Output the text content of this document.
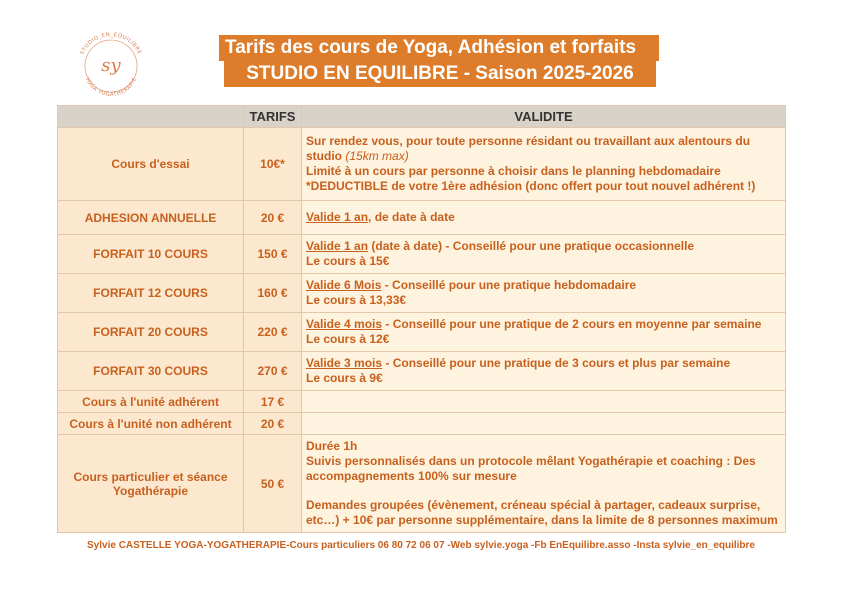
sy
STUDIO_EN_EQUILIBRE
YOGA YOGATHERAPIE
Tarifs des cours de Yoga, Adhésion et forfaits
STUDIO EN EQUILIBRE - Saison 2025-2026
	TARIFS	VALIDITE
Cours d'essai	10€*	Sur rendez vous, pour toute personne résidant ou travaillant aux alentours du studio (15km max)
Limité à un cours par personne à choisir dans le planning hebdomadaire
*DEDUCTIBLE de votre 1ère adhésion (donc offert pour tout nouvel adhérent !)
ADHESION ANNUELLE	20 €	Valide 1 an, de date à date
FORFAIT 10 COURS	150 €	Valide 1 an (date à date) - Conseillé pour une pratique occasionnelle
Le cours à 15€
FORFAIT 12 COURS	160 €	Valide 6 Mois - Conseillé pour une pratique hebdomadaire
Le cours à 13,33€
FORFAIT 20 COURS	220 €	Valide 4 mois - Conseillé pour une pratique de 2 cours en moyenne par semaine
Le cours à 12€
FORFAIT 30 COURS	270 €	Valide 3 mois - Conseillé pour une pratique de 3 cours et plus par semaine
Le cours à 9€
Cours à l'unité adhérent	17 €	
Cours à l'unité non adhérent	20 €	
Cours particulier et séance Yogathérapie	50 €	Durée 1h
Suivis personnalisés dans un protocole mêlant Yogathérapie et coaching : Des accompagnements 100% sur mesure
Demandes groupées (évènement, créneau spécial à partager, cadeaux surprise, etc…) + 10€ par personne supplémentaire, dans la limite de 8 personnes maximum
Sylvie CASTELLE YOGA-YOGATHERAPIE-Cours particuliers 06 80 72 06 07 -Web sylvie.yoga -Fb EnEquilibre.asso -Insta sylvie_en_equilibre
